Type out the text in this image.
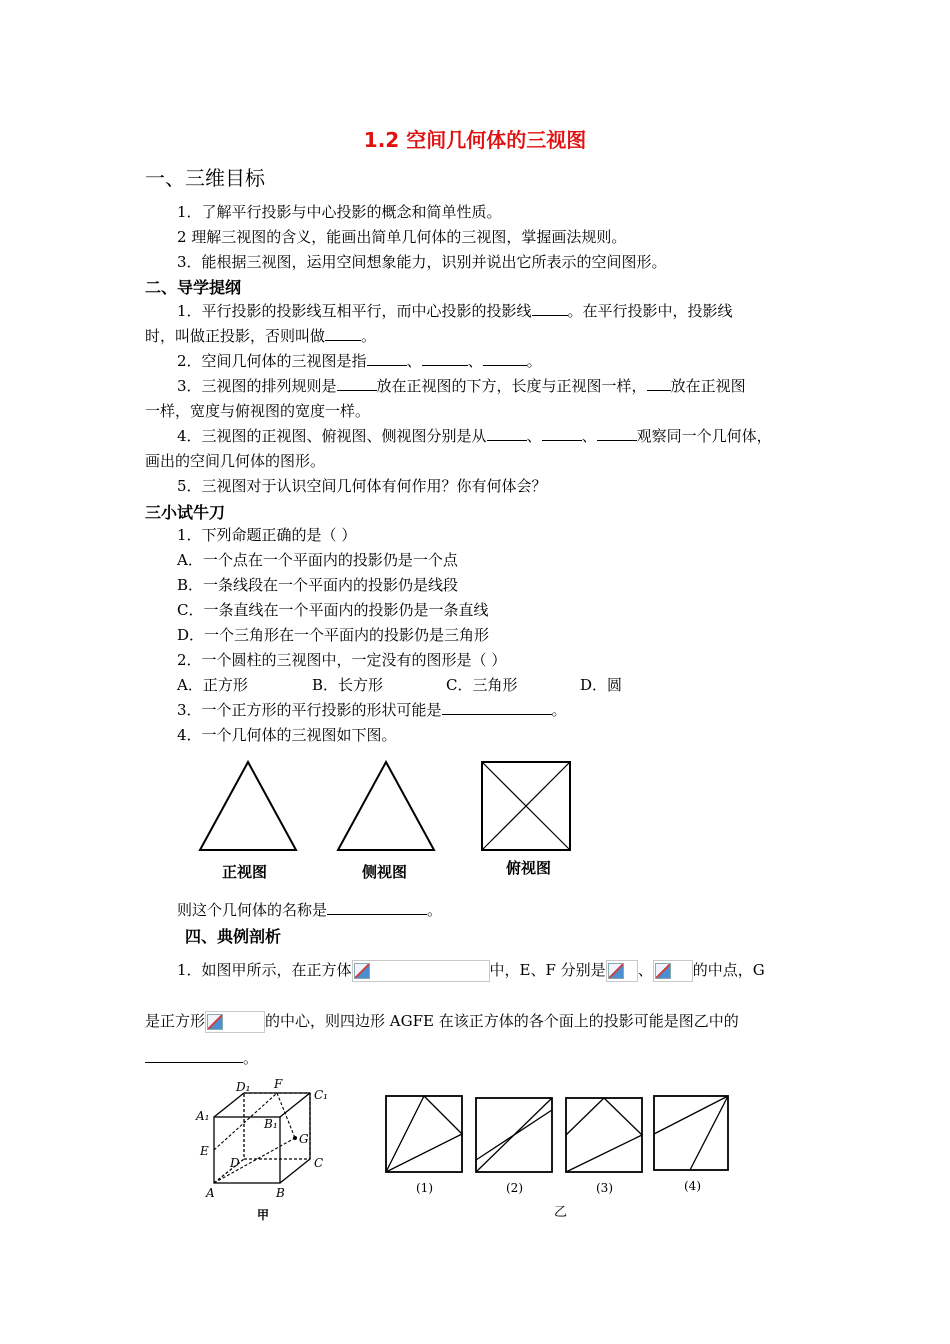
1.2 空间几何体的三视图
一、三维目标
1．了解平行投影与中心投影的概念和简单性质。
2 理解三视图的含义，能画出简单几何体的三视图，掌握画法规则。
3．能根据三视图，运用空间想象能力，识别并说出它所表示的空间图形。
二、导学提纲
1．平行投影的投影线互相平行，而中心投影的投影线 。在平行投影中，投影线
时，叫做正投影，否则叫做 。
2．空间几何体的三视图是指	、	、	。
3．三视图的排列规则是	放在正视图的下方，长度与正视图一样， 放在正视图
一样，宽度与俯视图的宽度一样。
4．三视图的正视图、俯视图、侧视图分别是从	、	、	观察同一个几何体，
画出的空间几何体的图形。
5．三视图对于认识空间几何体有何作用？你有何体会？
三小试牛刀
1．下列命题正确的是（ ）
A．一个点在一个平面内的投影仍是一个点
B．一条线段在一个平面内的投影仍是线段
C．一条直线在一个平面内的投影仍是一条直线
D．一个三角形在一个平面内的投影仍是三角形
2．一个圆柱的三视图中，一定没有的图形是（ ）
A．正方形	B．长方形	C．三角形	D．圆
3．一个正方形的平行投影的形状可能是	。
4．一个几何体的三视图如下图。
正视图	侧视图	俯视图
则这个几何体的名称是	。
四、典例剖析
1．如图甲所示，在正方体	中，E、F 分别是 、	的中点，G
是正方形	的中心，则四边形 AGFE 在该正方体的各个面上的投影可能是图乙中的
。
D₁ F
C₁
A₁
B₁
G
E
D	C
A	B
甲
(1)	(2)	(3)	(4)
乙
